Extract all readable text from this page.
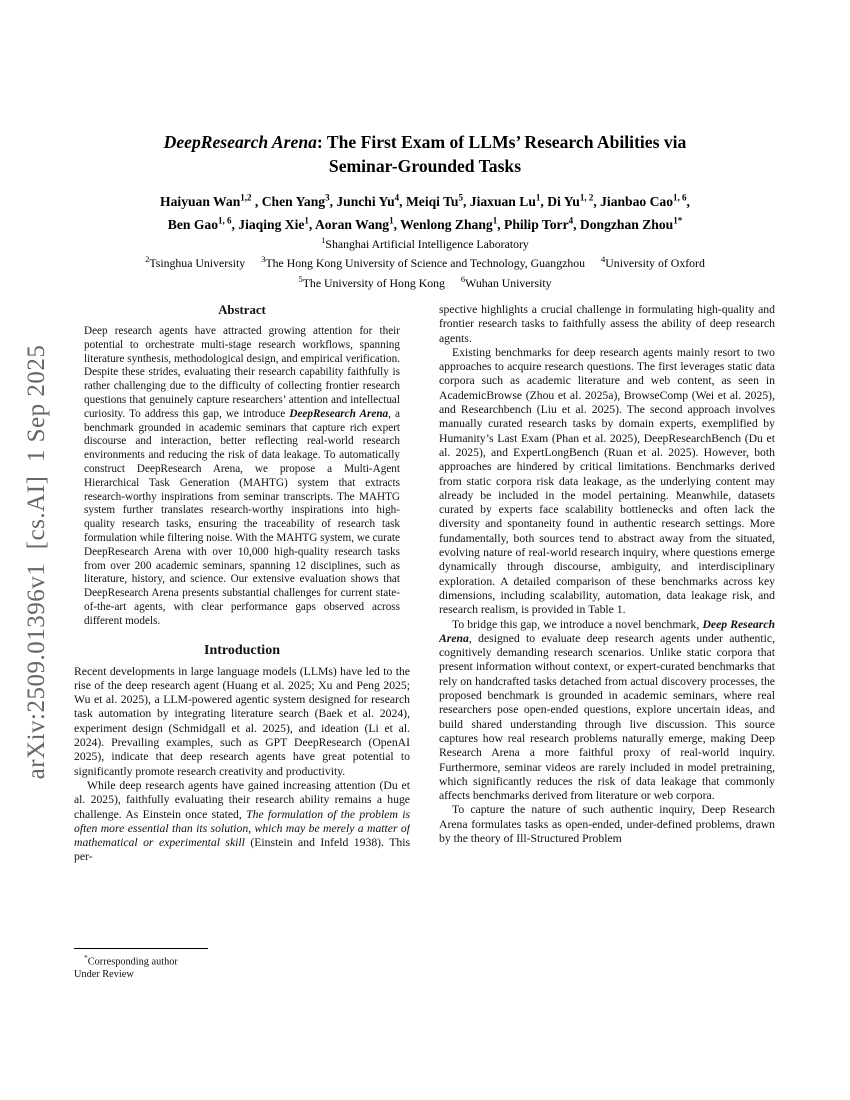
arXiv:2509.01396v1  [cs.AI]  1 Sep 2025
DeepResearch Arena: The First Exam of LLMs’ Research Abilities via
Seminar-Grounded Tasks
Haiyuan Wan$^{1,2}$ , Chen Yang$^3$, Junchi Yu$^4$, Meiqi Tu$^5$, Jiaxuan Lu$^1$, Di Yu$^{1, 2}$, Jianbao Cao$^{1, 6}$,
Ben Gao$^{1, 6}$, Jiaqing Xie$^1$, Aoran Wang$^1$, Wenlong Zhang$^1$, Philip Torr$^4$, Dongzhan Zhou$^{1*}$
$^1$Shanghai Artificial Intelligence Laboratory
$^2$Tsinghua University $^3$The Hong Kong University of Science and Technology, Guangzhou $^4$University of Oxford
$^5$The University of Hong Kong $^6$Wuhan University
Abstract

Deep research agents have attracted growing attention for their potential to orchestrate multi-stage research workflows, spanning literature synthesis, methodological design, and empirical verification. Despite these strides, evaluating their research capability faithfully is rather challenging due to the difficulty of collecting frontier research questions that genuinely capture researchers’ attention and intellectual curiosity. To address this gap, we introduce DeepResearch Arena, a benchmark grounded in academic seminars that capture rich expert discourse and interaction, better reflecting real-world research environments and reducing the risk of data leakage. To automatically construct DeepResearch Arena, we propose a Multi-Agent Hierarchical Task Generation (MAHTG) system that extracts research-worthy inspirations from seminar transcripts. The MAHTG system further translates research-worthy inspirations into high-quality research tasks, ensuring the traceability of research task formulation while filtering noise. With the MAHTG system, we curate DeepResearch Arena with over 10,000 high-quality research tasks from over 200 academic seminars, spanning 12 disciplines, such as literature, history, and science. Our extensive evaluation shows that DeepResearch Arena presents substantial challenges for current state-of-the-art agents, with clear performance gaps observed across different models.

Introduction

Recent developments in large language models (LLMs) have led to the rise of the deep research agent (Huang et al. 2025; Xu and Peng 2025; Wu et al. 2025), a LLM-powered agentic system designed for research task automation by integrating literature search (Baek et al. 2024), experiment design (Schmidgall et al. 2025), and ideation (Li et al. 2024). Prevailing examples, such as GPT DeepResearch (OpenAI 2025), indicate that deep research agents have great potential to significantly promote research creativity and productivity.

While deep research agents have gained increasing attention (Du et al. 2025), faithfully evaluating their research ability remains a huge challenge. As Einstein once stated, The formulation of the problem is often more essential than its solution, which may be merely a matter of mathematical or experimental skill (Einstein and Infeld 1938). This per-

spective highlights a crucial challenge in formulating high-quality and frontier research tasks to faithfully assess the ability of deep research agents.

Existing benchmarks for deep research agents mainly resort to two approaches to acquire research questions. The first leverages static data corpora such as academic literature and web content, as seen in AcademicBrowse (Zhou et al. 2025a), BrowseComp (Wei et al. 2025), and Researchbench (Liu et al. 2025). The second approach involves manually curated research tasks by domain experts, exemplified by Humanity’s Last Exam (Phan et al. 2025), DeepResearchBench (Du et al. 2025), and ExpertLongBench (Ruan et al. 2025). However, both approaches are hindered by critical limitations. Benchmarks derived from static corpora risk data leakage, as the underlying content may already be included in the model pertaining. Meanwhile, datasets curated by experts face scalability bottlenecks and often lack the diversity and spontaneity found in authentic research settings. More fundamentally, both sources tend to abstract away from the situated, evolving nature of real-world research inquiry, where questions emerge dynamically through discourse, ambiguity, and interdisciplinary exploration. A detailed comparison of these benchmarks across key dimensions, including scalability, automation, data leakage risk, and research realism, is provided in Table 1.

To bridge this gap, we introduce a novel benchmark, Deep Research Arena, designed to evaluate deep research agents under authentic, cognitively demanding research scenarios. Unlike static corpora that present information without context, or expert-curated benchmarks that rely on handcrafted tasks detached from actual discovery processes, the proposed benchmark is grounded in academic seminars, where real researchers pose open-ended questions, explore uncertain ideas, and build shared understanding through live discussion. This source captures how real research problems naturally emerge, making Deep Research Arena a more faithful proxy of real-world inquiry. Furthermore, seminar videos are rarely included in model pretraining, which significantly reduces the risk of data leakage that commonly affects benchmarks derived from literature or web corpora.

To capture the nature of such authentic inquiry, Deep Research Arena formulates tasks as open-ended, under-defined problems, drawn by the theory of Ill-Structured Problem

*Corresponding author
Under Review
